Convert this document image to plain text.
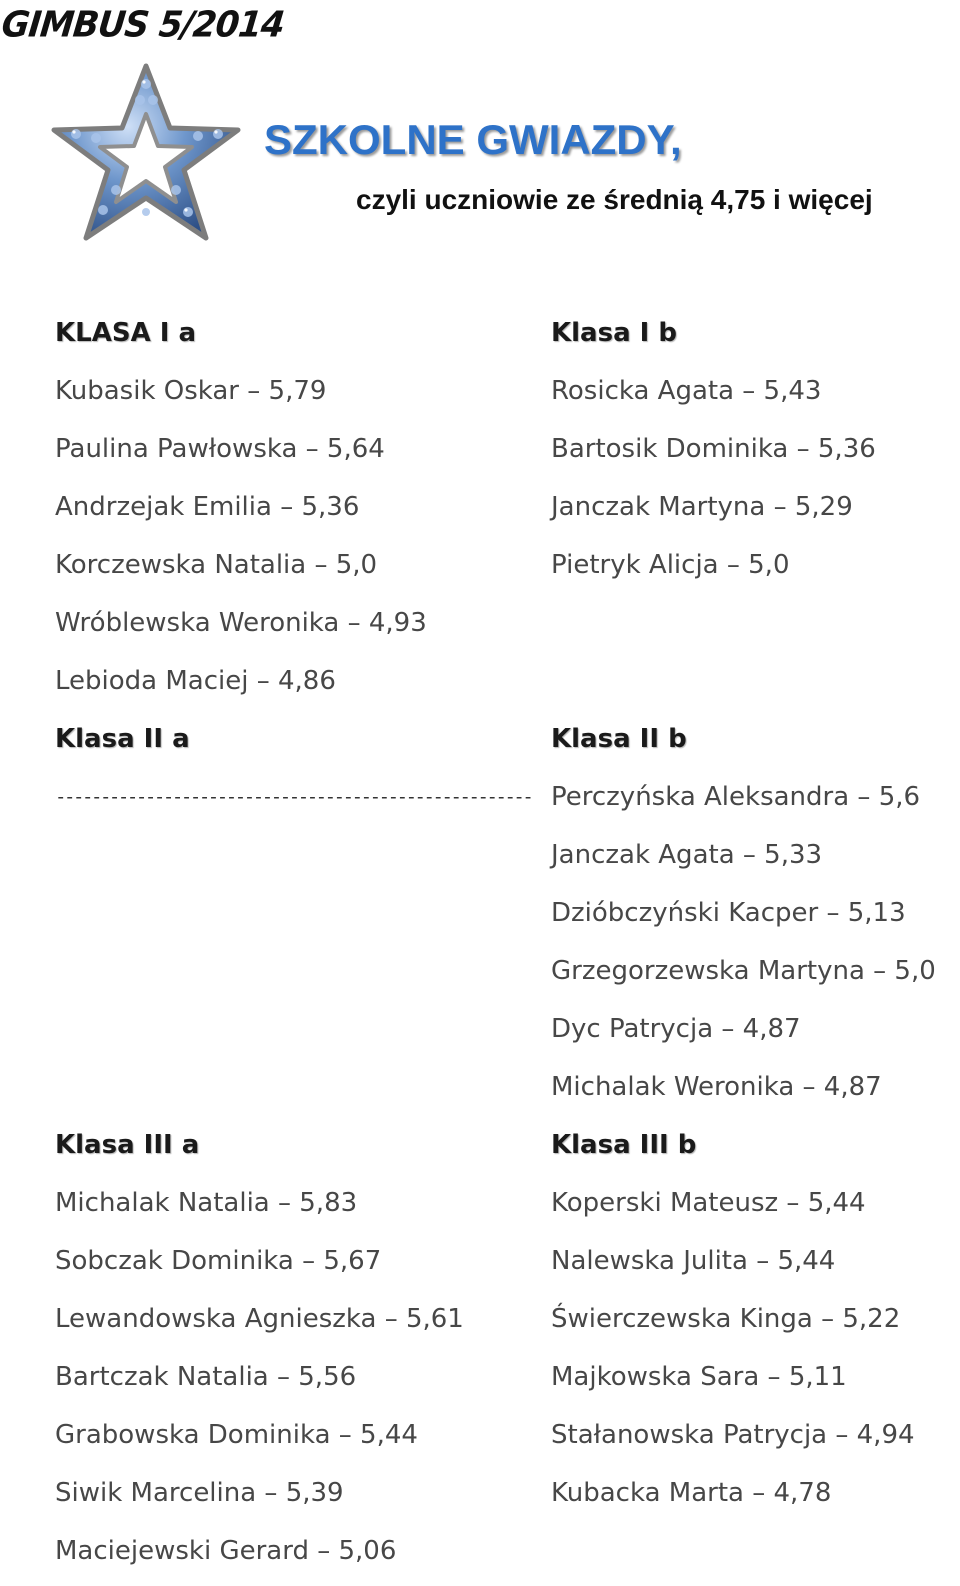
GIMBUS 5/2014
SZKOLNE GWIAZDY,
czyli uczniowie ze średnią 4,75 i więcej
KLASA I a
Kubasik Oskar – 5,79
Paulina Pawłowska – 5,64
Andrzejak Emilia – 5,36
Korczewska Natalia – 5,0
Wróblewska Weronika – 4,93
Lebioda Maciej – 4,86
Klasa II a
-----------------------------------------------------
Klasa III a
Michalak Natalia – 5,83
Sobczak Dominika – 5,67
Lewandowska Agnieszka – 5,61
Bartczak Natalia – 5,56
Grabowska Dominika – 5,44
Siwik Marcelina – 5,39
Maciejewski Gerard – 5,06
Klasa I b
Rosicka Agata – 5,43
Bartosik Dominika – 5,36
Janczak Martyna – 5,29
Pietryk Alicja – 5,0
Klasa II b
Perczyńska Aleksandra – 5,6
Janczak Agata – 5,33
Dzióbczyński Kacper – 5,13
Grzegorzewska Martyna – 5,0
Dyc Patrycja – 4,87
Michalak Weronika – 4,87
Klasa III b
Koperski Mateusz – 5,44
Nalewska Julita – 5,44
Świerczewska Kinga – 5,22
Majkowska Sara – 5,11
Stałanowska Patrycja – 4,94
Kubacka Marta – 4,78
